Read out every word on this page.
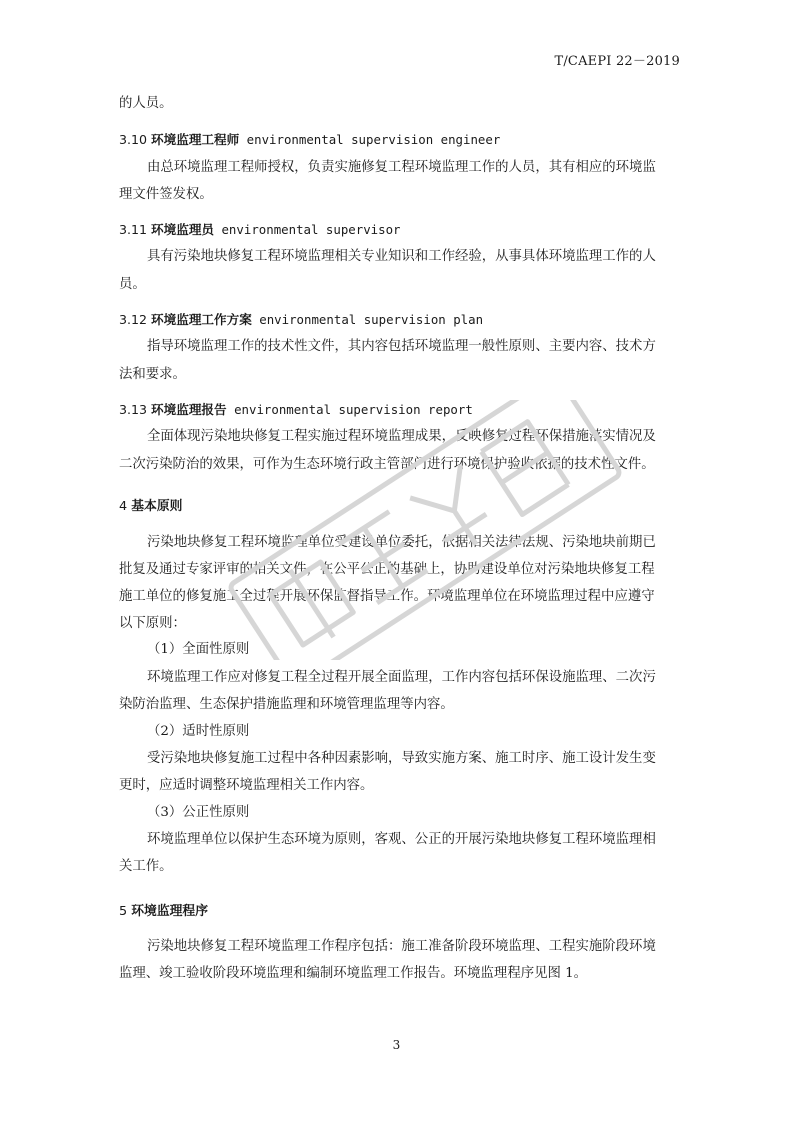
T/CAEPI 22－2019
的人员。
3.10 环境监理工程师 environmental supervision engineer
由总环境监理工程师授权，负责实施修复工程环境监理工作的人员，其有相应的环境监
理文件签发权。
3.11 环境监理员 environmental supervisor
具有污染地块修复工程环境监理相关专业知识和工作经验，从事具体环境监理工作的人
员。
3.12 环境监理工作方案 environmental supervision plan
指导环境监理工作的技术性文件，其内容包括环境监理一般性原则、主要内容、技术方
法和要求。
3.13 环境监理报告 environmental supervision report
全面体现污染地块修复工程实施过程环境监理成果，反映修复过程环保措施落实情况及
二次污染防治的效果，可作为生态环境行政主管部门进行环境保护验收依据的技术性文件。
4 基本原则
污染地块修复工程环境监理单位受建设单位委托，依据相关法律法规、污染地块前期已
批复及通过专家评审的相关文件，在公平公正的基础上，协助建设单位对污染地块修复工程
施工单位的修复施工全过程开展环保监督指导工作。环境监理单位在环境监理过程中应遵守
以下原则：
（1）全面性原则
环境监理工作应对修复工程全过程开展全面监理，工作内容包括环保设施监理、二次污
染防治监理、生态保护措施监理和环境管理监理等内容。
（2）适时性原则
受污染地块修复施工过程中各种因素影响，导致实施方案、施工时序、施工设计发生变
更时，应适时调整环境监理相关工作内容。
（3）公正性原则
环境监理单位以保护生态环境为原则，客观、公正的开展污染地块修复工程环境监理相
关工作。
5 环境监理程序
污染地块修复工程环境监理工作程序包括：施工准备阶段环境监理、工程实施阶段环境
监理、竣工验收阶段环境监理和编制环境监理工作报告。环境监理程序见图 1。
3
